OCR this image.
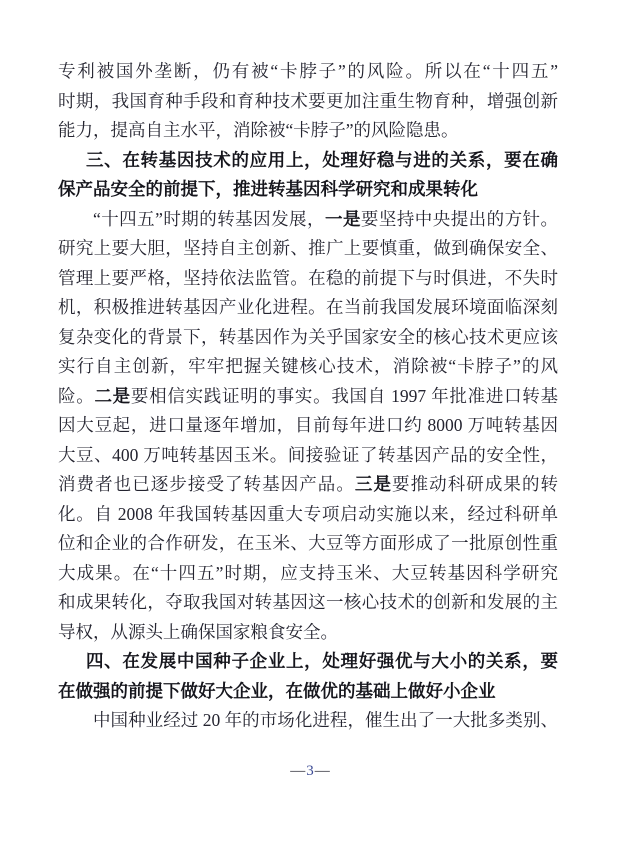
专利被国外垄断，仍有被“卡脖子”的风险。所以在“十四五”
时期，我国育种手段和育种技术要更加注重生物育种，增强创新
能力，提高自主水平，消除被“卡脖子”的风险隐患。
三、在转基因技术的应用上，处理好稳与进的关系，要在确
保产品安全的前提下，推进转基因科学研究和成果转化
“十四五”时期的转基因发展，一是要坚持中央提出的方针。
研究上要大胆，坚持自主创新、推广上要慎重，做到确保安全、
管理上要严格，坚持依法监管。在稳的前提下与时俱进，不失时
机，积极推进转基因产业化进程。在当前我国发展环境面临深刻
复杂变化的背景下，转基因作为关乎国家安全的核心技术更应该
实行自主创新，牢牢把握关键核心技术，消除被“卡脖子”的风
险。二是要相信实践证明的事实。我国自 1997 年批准进口转基
因大豆起，进口量逐年增加，目前每年进口约 8000 万吨转基因
大豆、400 万吨转基因玉米。间接验证了转基因产品的安全性，
消费者也已逐步接受了转基因产品。三是要推动科研成果的转
化。自 2008 年我国转基因重大专项启动实施以来，经过科研单
位和企业的合作研发，在玉米、大豆等方面形成了一批原创性重
大成果。在“十四五”时期，应支持玉米、大豆转基因科学研究
和成果转化，夺取我国对转基因这一核心技术的创新和发展的主
导权，从源头上确保国家粮食安全。
四、在发展中国种子企业上，处理好强优与大小的关系，要
在做强的前提下做好大企业，在做优的基础上做好小企业
中国种业经过 20 年的市场化进程，催生出了一大批多类别、
—3—
